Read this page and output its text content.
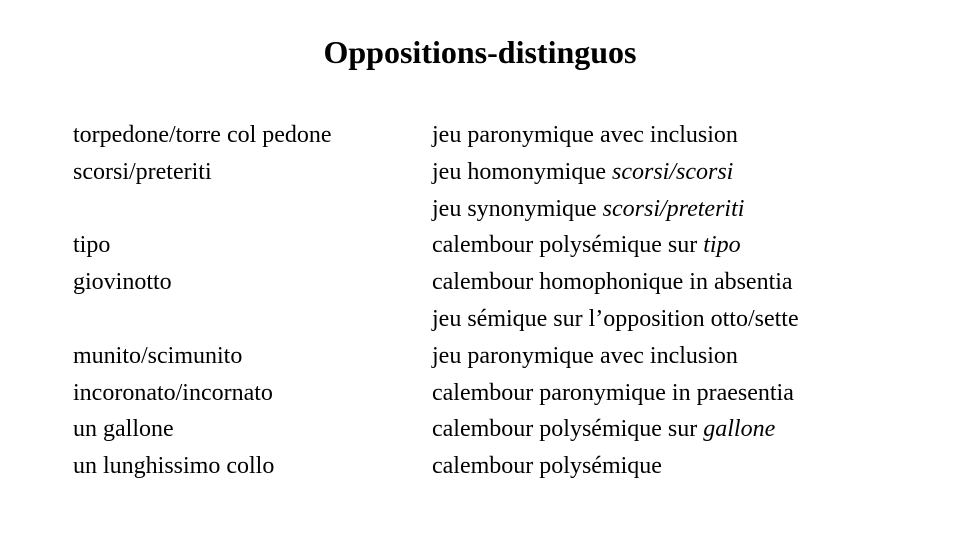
Oppositions-distinguos
torpedone/torre col pedone
scorsi/preteriti
tipo
giovinotto
munito/scimunito
incoronato/incornato
un gallone
un lunghissimo collo
jeu paronymique avec inclusion
jeu homonymique scorsi/scorsi
jeu synonymique scorsi/preteriti
calembour polysémique sur tipo
calembour homophonique in absentia
jeu sémique sur l’opposition otto/sette
jeu paronymique avec inclusion
calembour paronymique in praesentia
calembour polysémique sur gallone
calembour polysémique
